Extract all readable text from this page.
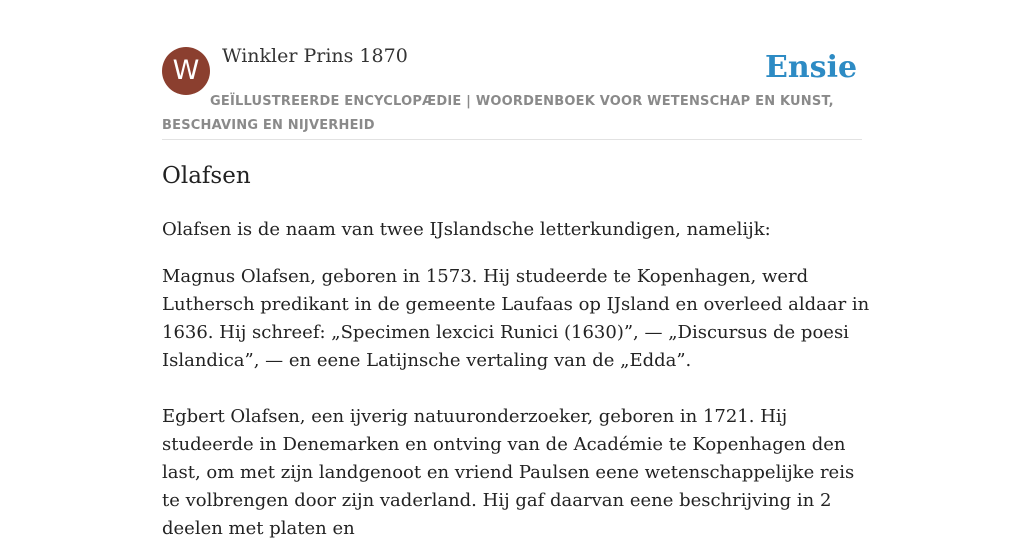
W	Winkler Prins 1870	Ensie
GEÏLLUSTREERDE ENCYCLOPÆDIE | WOORDENBOEK VOOR WETENSCHAP EN KUNST, BESCHAVING EN NIJVERHEID
Olafsen

Olafsen is de naam van twee IJslandsche letterkundigen, namelijk:

Magnus Olafsen, geboren in 1573. Hij studeerde te Kopenhagen, werd Luthersch predikant in de gemeente Laufaas op IJsland en overleed aldaar in 1636. Hij schreef: „Specimen lexcici Runici (1630)”, — „Discursus de poesi Islandica”, — en eene Latijnsche vertaling van de „Edda”.

Egbert Olafsen, een ijverig natuuronderzoeker, geboren in 1721. Hij studeerde in Denemarken en ontving van de Académie te Kopenhagen den last, om met zijn landgenoot en vriend Paulsen eene wetenschappelijke reis te volbrengen door zijn vaderland. Hij gaf daarvan eene beschrijving in 2 deelen met platen en
